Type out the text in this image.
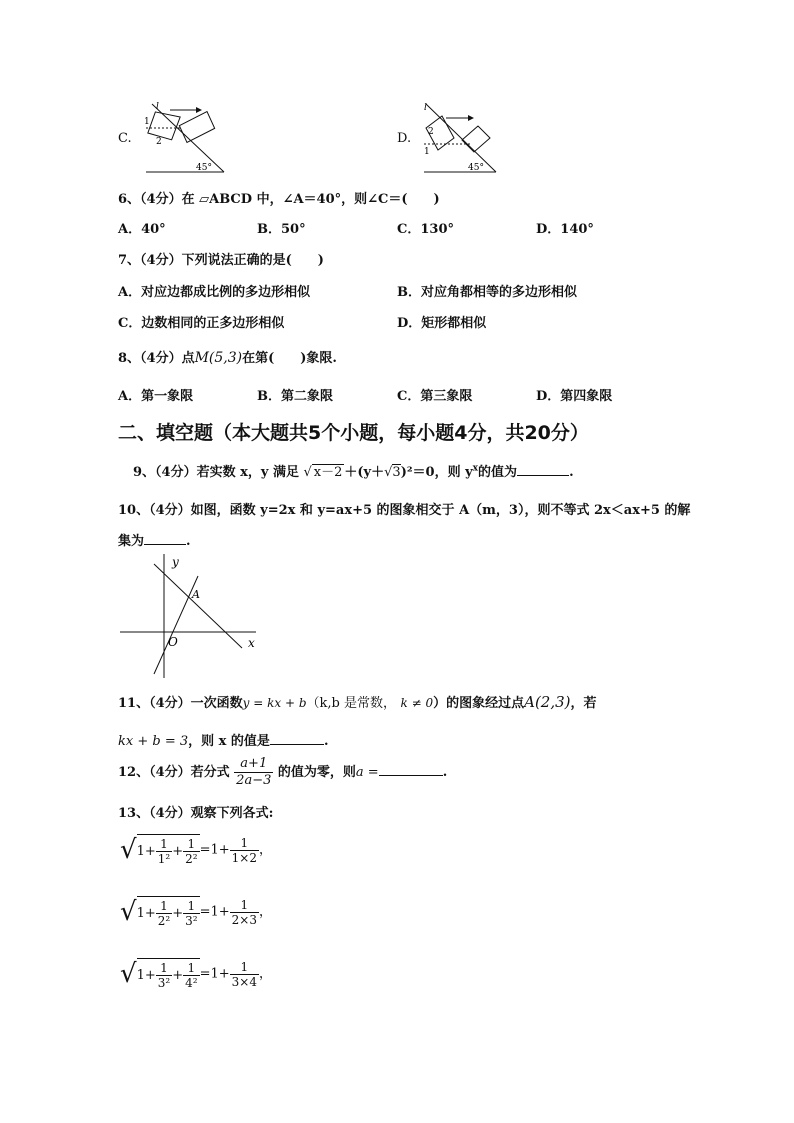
C.
l
1
2
45°
D.
l
2
1
45°
6、（4分）在 ▱ABCD 中，∠A＝40°，则∠C＝(　　)
A．40°	B．50°	C．130°	D．140°
7、（4分）下列说法正确的是(　　)
A．对应边都成比例的多边形相似	B．对应角都相等的多边形相似
C．边数相同的正多边形相似	D．矩形都相似
8、（4分）点M(5,3)在第(　　)象限.
A．第一象限	B．第二象限	C．第三象限	D．第四象限
二、填空题（本大题共5个小题，每小题4分，共20分）
9、（4分）若实数 x，y 满足 √ x－2 ＋(y＋√3)²＝0，则 $y^x$的值为	.
10、（4分）如图，函数 y=2x 和 y=ax+5 的图象相交于 A（m，3），则不等式 2x＜ax+5 的解
集为	.
y
x
O
A
11、（4分）一次函数y = kx + b（k,b 是常数， k ≠ 0）的图象经过点A(2,3)，若
kx + b = 3，则 x 的值是	.
12、（4分）若分式 $\frac{a+1}{2a-3}$ 的值为零，则a =	.
13、（4分）观察下列各式:
$√1+ \frac{1}{\text{1²}} + \frac{1}{\text{2²}} =1+ \frac{1}{1\times 2}$ ，
$√1+ \frac{1}{\text{2²}} + \frac{1}{\text{3²}} =1+ \frac{1}{2\times 3}$ ，
$√1+ \frac{1}{\text{3²}} + \frac{1}{\text{4²}} =1+ \frac{1}{3\times 4}$ ，
